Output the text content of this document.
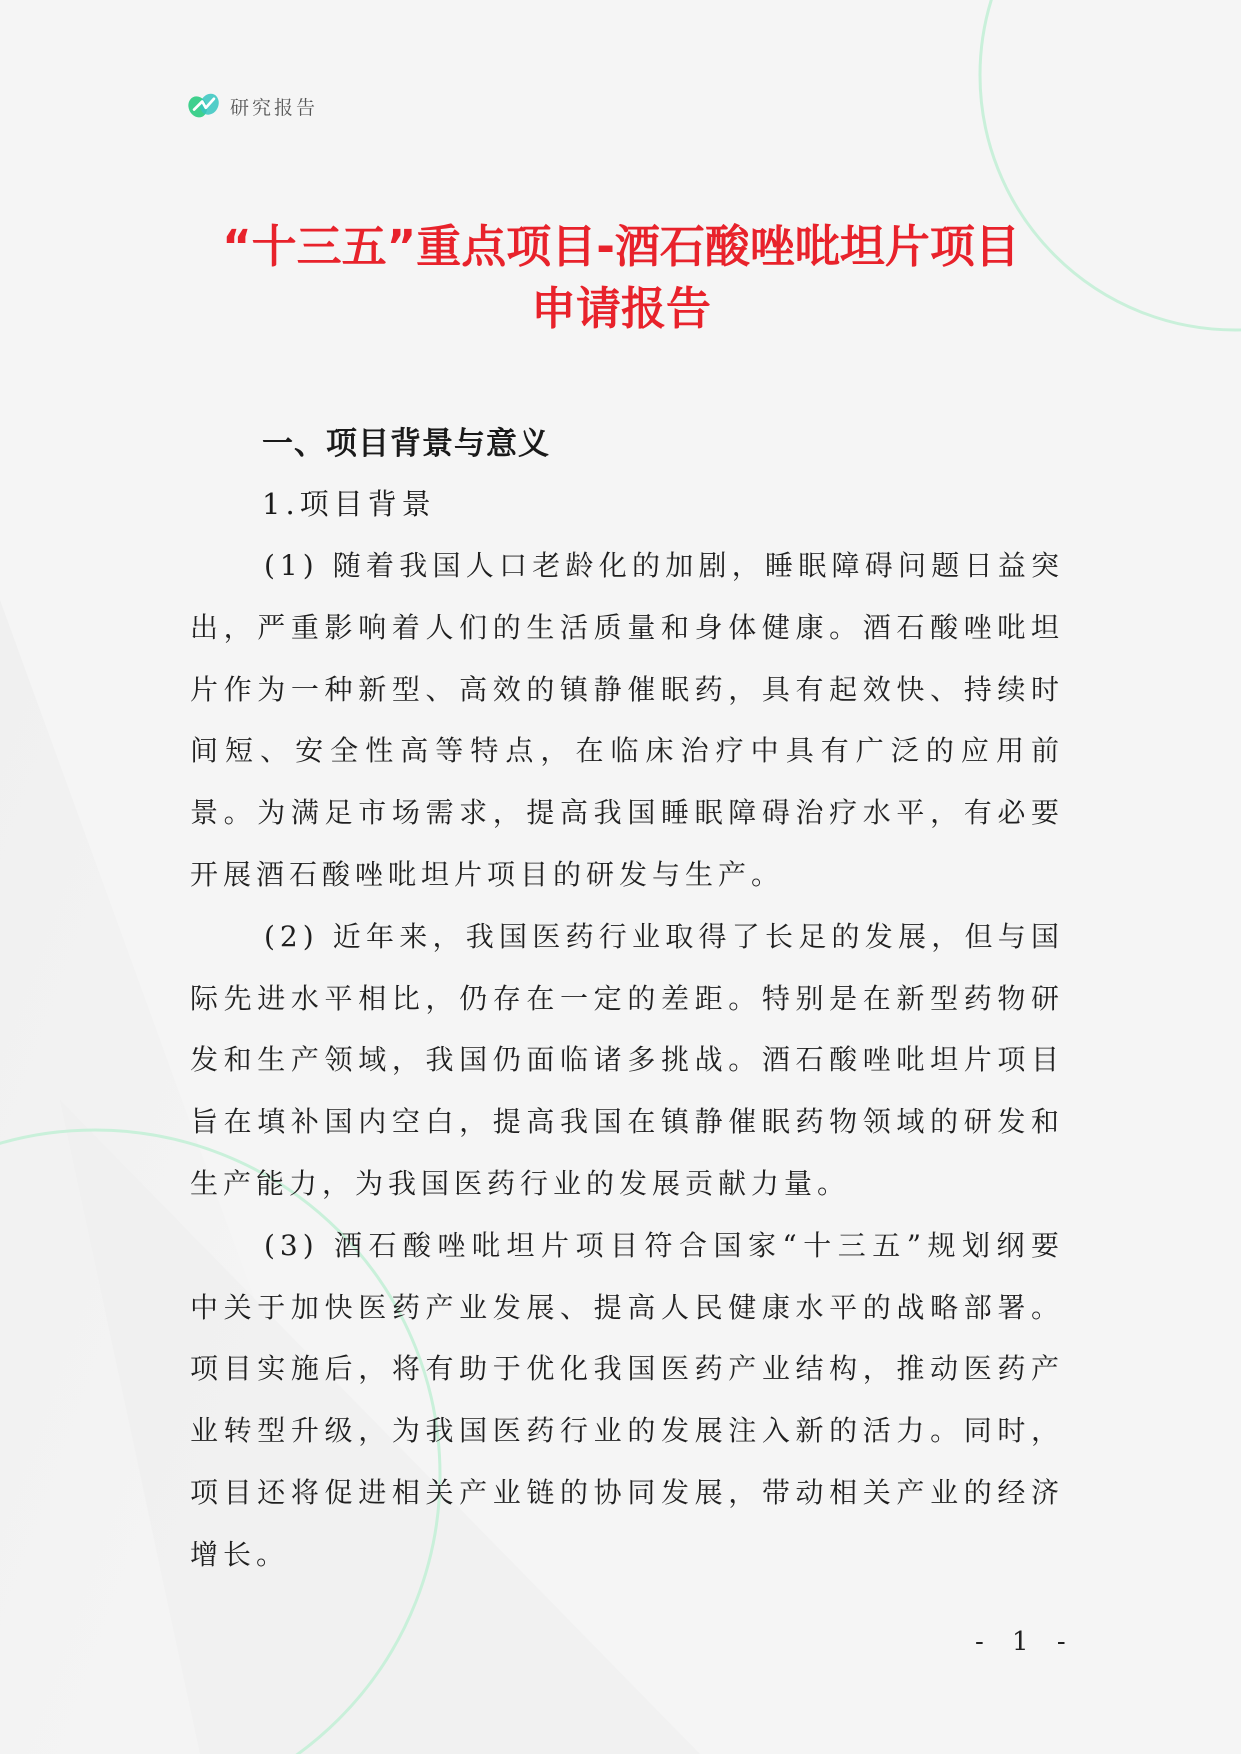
研究报告
“十三五”重点项目-酒石酸唑吡坦片项目
申请报告
一、项目背景与意义
1.项目背景

(1) 随着我国人口老龄化的加剧，睡眠障碍问题日益突出，严重影响着人们的生活质量和身体健康。酒石酸唑吡坦片作为一种新型、高效的镇静催眠药，具有起效快、持续时间短、安全性高等特点，在临床治疗中具有广泛的应用前景。为满足市场需求，提高我国睡眠障碍治疗水平，有必要开展酒石酸唑吡坦片项目的研发与生产。

(2) 近年来，我国医药行业取得了长足的发展，但与国际先进水平相比，仍存在一定的差距。特别是在新型药物研发和生产领域，我国仍面临诸多挑战。酒石酸唑吡坦片项目旨在填补国内空白，提高我国在镇静催眠药物领域的研发和生产能力，为我国医药行业的发展贡献力量。

(3) 酒石酸唑吡坦片项目符合国家“十三五”规划纲要中关于加快医药产业发展、提高人民健康水平的战略部署。项目实施后，将有助于优化我国医药产业结构，推动医药产业转型升级，为我国医药行业的发展注入新的活力。同时，项目还将促进相关产业链的协同发展，带动相关产业的经济增长。

- 1 -
